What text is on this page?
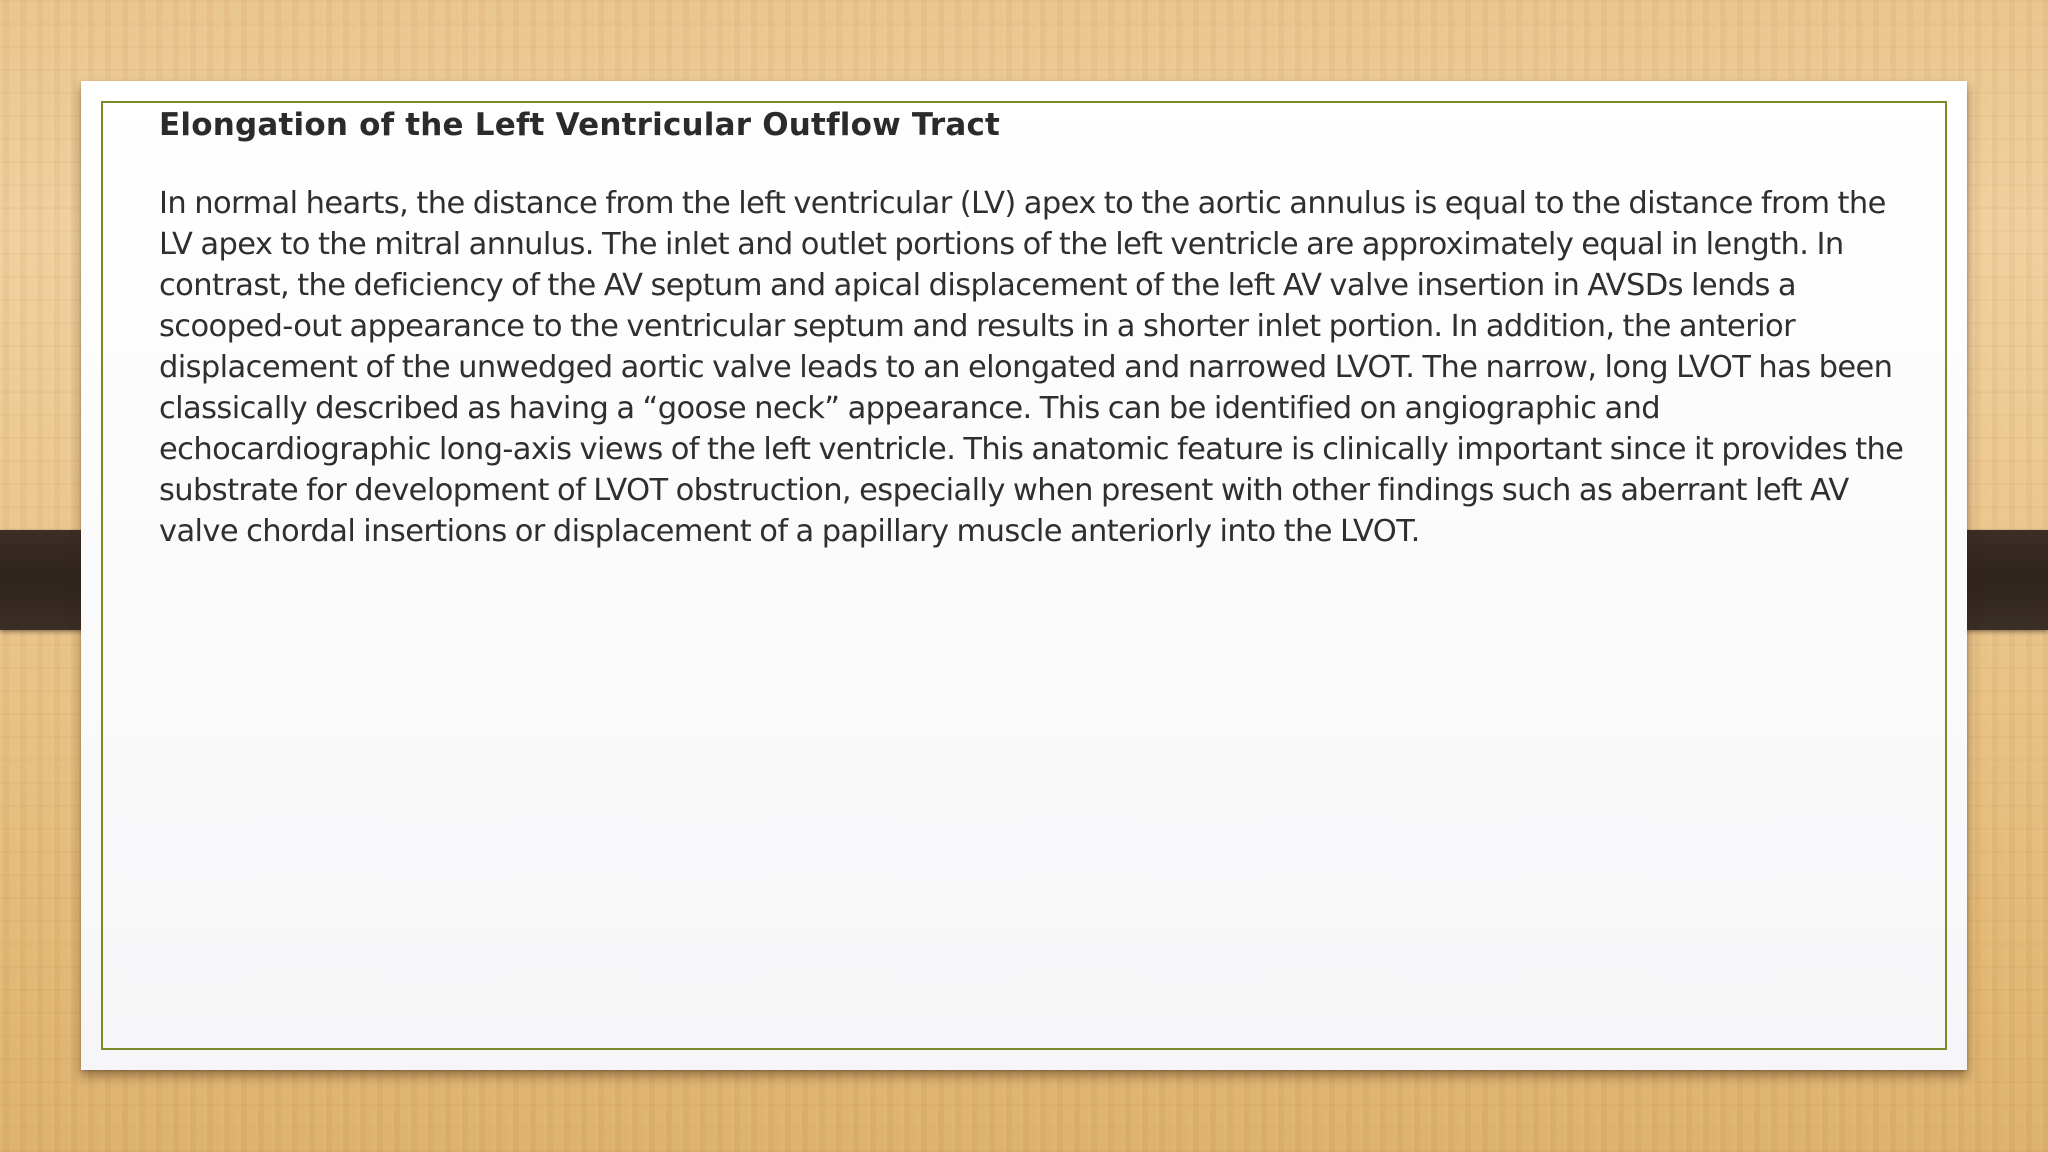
Elongation of the Left Ventricular Outflow Tract

In normal hearts, the distance from the left ventricular (LV) apex to the aortic annulus is equal to the distance from the LV apex to the mitral annulus. The inlet and outlet portions of the left ventricle are approximately equal in length. In contrast, the deficiency of the AV septum and apical displacement of the left AV valve insertion in AVSDs lends a scooped-out appearance to the ventricular septum and results in a shorter inlet portion. In addition, the anterior displacement of the unwedged aortic valve leads to an elongated and narrowed LVOT. The narrow, long LVOT has been classically described as having a “goose neck” appearance. This can be identified on angiographic and echocardiographic long-axis views of the left ventricle. This anatomic feature is clinically important since it provides the substrate for development of LVOT obstruction, especially when present with other findings such as aberrant left AV valve chordal insertions or displacement of a papillary muscle anteriorly into the LVOT.
